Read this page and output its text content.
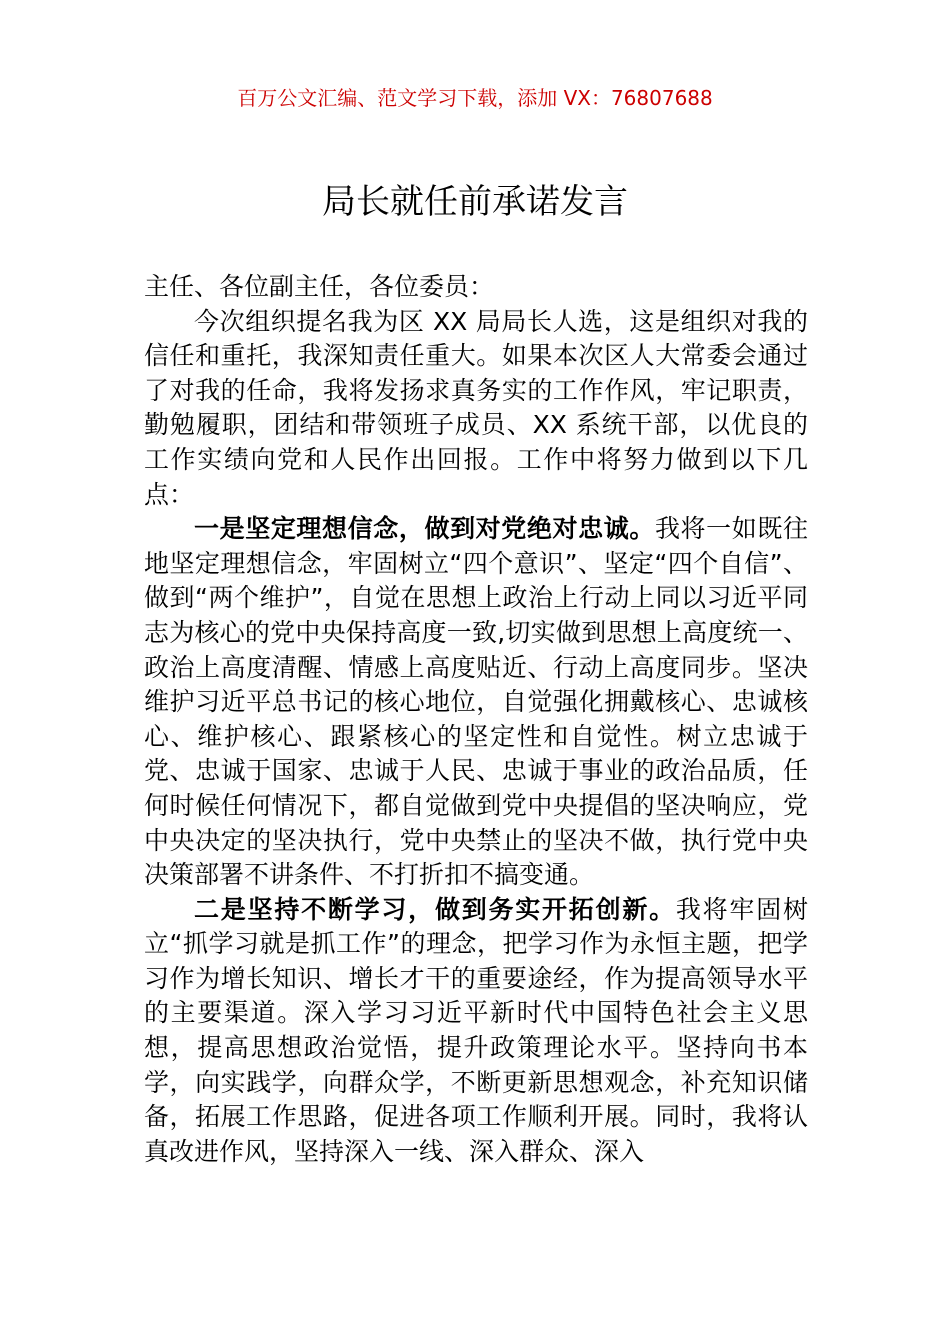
百万公文汇编、范文学习下载，添加 VX：76807688
局长就任前承诺发言

主任、各位副主任，各位委员：

今次组织提名我为区 XX 局局长人选，这是组织对我的信任和重托，我深知责任重大。如果本次区人大常委会通过了对我的任命，我将发扬求真务实的工作作风，牢记职责，勤勉履职，团结和带领班子成员、XX 系统干部，以优良的工作实绩向党和人民作出回报。工作中将努力做到以下几点：

一是坚定理想信念，做到对党绝对忠诚。我将一如既往地坚定理想信念，牢固树立“四个意识”、坚定“四个自信”、做到“两个维护”，自觉在思想上政治上行动上同以习近平同志为核心的党中央保持高度一致,切实做到思想上高度统一、政治上高度清醒、情感上高度贴近、行动上高度同步。坚决维护习近平总书记的核心地位，自觉强化拥戴核心、忠诚核心、维护核心、跟紧核心的坚定性和自觉性。树立忠诚于党、忠诚于国家、忠诚于人民、忠诚于事业的政治品质，任何时候任何情况下，都自觉做到党中央提倡的坚决响应，党中央决定的坚决执行，党中央禁止的坚决不做，执行党中央决策部署不讲条件、不打折扣不搞变通。

二是坚持不断学习，做到务实开拓创新。我将牢固树立“抓学习就是抓工作”的理念，把学习作为永恒主题，把学习作为增长知识、增长才干的重要途经，作为提高领导水平的主要渠道。深入学习习近平新时代中国特色社会主义思想，提高思想政治觉悟，提升政策理论水平。坚持向书本学，向实践学，向群众学，不断更新思想观念，补充知识储备，拓展工作思路，促进各项工作顺利开展。同时，我将认真改进作风，坚持深入一线、深入群众、深入
